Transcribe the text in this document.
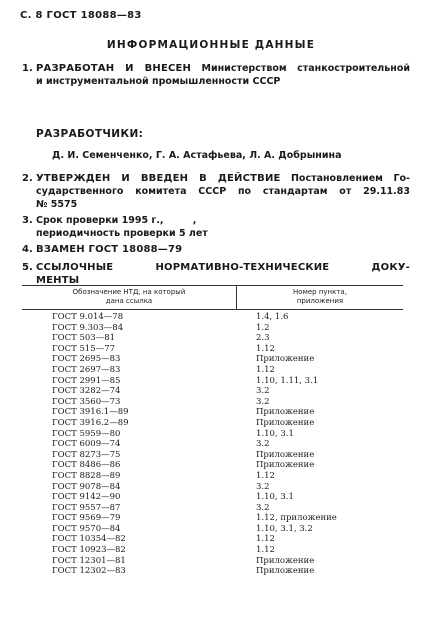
С. 8 ГОСТ 18088—83
ИНФОРМАЦИОННЫЕ ДАННЫЕ
1. РАЗРАБОТАН И ВНЕСЕН Министерством станкостроительной
и инструментальной промышленности СССР
РАЗРАБОТЧИКИ:
Д. И. Семенченко, Г. А. Астафьева, Л. А. Добрынина
2. УТВЕРЖДЕН И ВВЕДЕН В ДЕЙСТВИЕ Постановлением Го-
сударственного комитета СССР по стандартам от 29.11.83
№ 5575
3. Срок проверки 1995 г.,	,
периодичность проверки 5 лет
4. ВЗАМЕН ГОСТ 18088—79
5. ССЫЛОЧНЫЕ НОРМАТИВНО-ТЕХНИЧЕСКИЕ ДОКУ-
МЕНТЫ
Обозначение НТД, на который
дана ссылка
Номер пункта,
приложения
ГОСТ 9.014—78	1.4, 1.6
ГОСТ 9.303—84	1.2
ГОСТ 503—81	2.3
ГОСТ 515—77	1.12
ГОСТ 2695—83	Приложение
ГОСТ 2697—83	1.12
ГОСТ 2991—85	1.10, 1.11, 3.1
ГОСТ 3282—74	3.2
ГОСТ 3560—73	3.2
ГОСТ 3916.1—89	Приложение
ГОСТ 3916.2—89	Приложение
ГОСТ 5959—80	1.10, 3.1
ГОСТ 6009—74	3.2
ГОСТ 8273—75	Приложение
ГОСТ 8486—86	Приложение
ГОСТ 8828—89	1.12
ГОСТ 9078—84	3.2
ГОСТ 9142—90	1.10, 3.1
ГОСТ 9557—87	3.2
ГОСТ 9569—79	1.12, приложение
ГОСТ 9570—84	1.10, 3.1, 3.2
ГОСТ 10354—82	1.12
ГОСТ 10923—82	1.12
ГОСТ 12301—81	Приложение
ГОСТ 12302—83	Приложение
